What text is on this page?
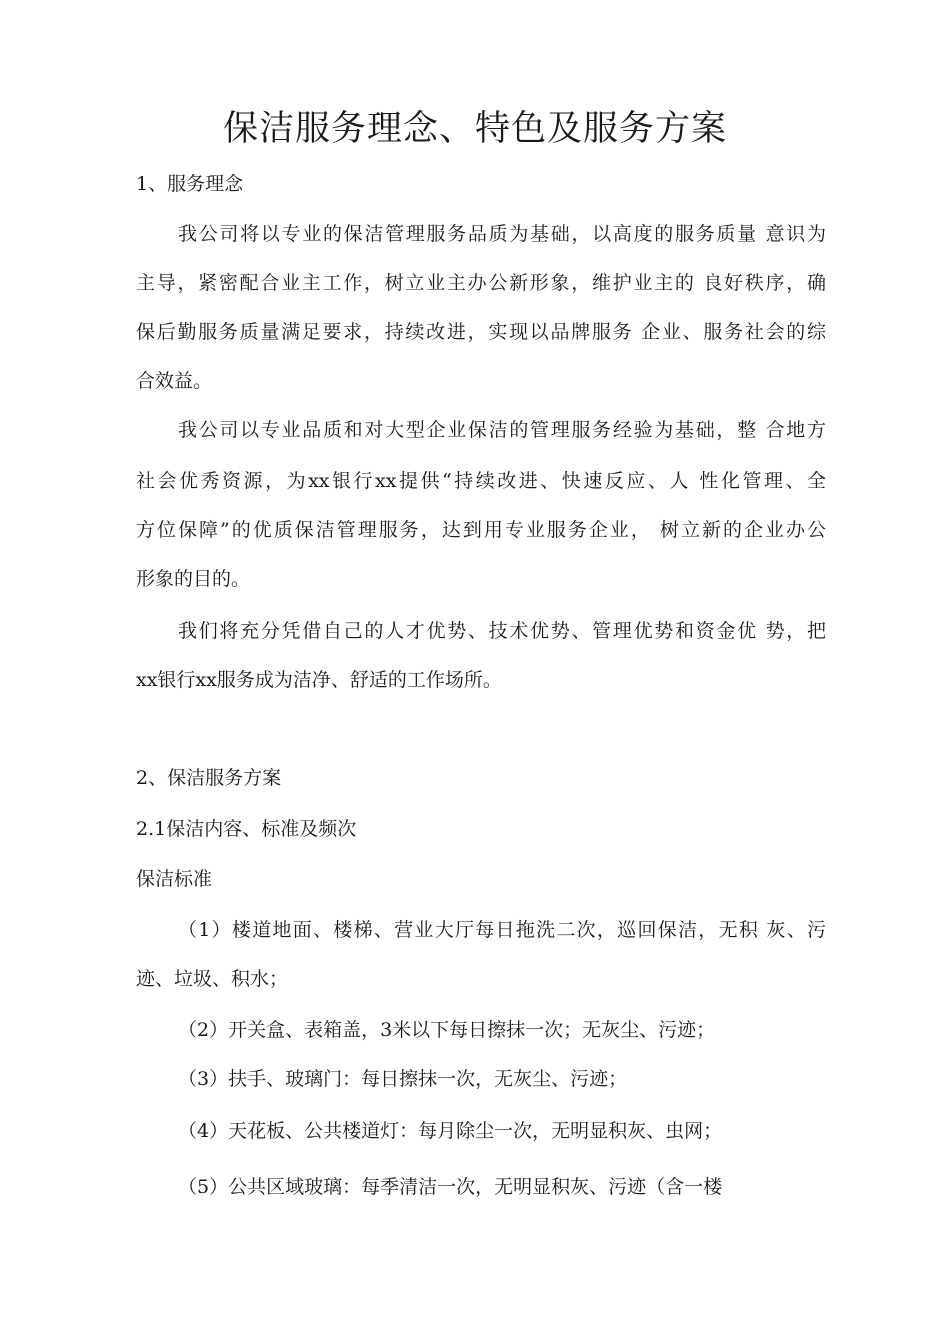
保洁服务理念、特色及服务方案
1、服务理念
我公司将以专业的保洁管理服务品质为基础，以高度的服务质量 意识为
主导，紧密配合业主工作，树立业主办公新形象，维护业主的 良好秩序，确
保后勤服务质量满足要求，持续改进，实现以品牌服务 企业、服务社会的综
合效益。
我公司以专业品质和对大型企业保洁的管理服务经验为基础，整 合地方
社会优秀资源，为xx银行xx提供“持续改进、快速反应、人 性化管理、全
方位保障”的优质保洁管理服务，达到用专业服务企业， 树立新的企业办公
形象的目的。
我们将充分凭借自己的人才优势、技术优势、管理优势和资金优 势，把
xx银行xx服务成为洁净、舒适的工作场所。
2、保洁服务方案
2.1保洁内容、标准及频次
保洁标准
（1）楼道地面、楼梯、营业大厅每日拖洗二次，巡回保洁，无积 灰、污
迹、垃圾、积水；
（2）开关盒、表箱盖，3米以下每日擦抹一次；无灰尘、污迹；
（3）扶手、玻璃门：每日擦抹一次，无灰尘、污迹；
（4）天花板、公共楼道灯：每月除尘一次，无明显积灰、虫网；
（5）公共区域玻璃：每季清洁一次，无明显积灰、污迹（含一楼
